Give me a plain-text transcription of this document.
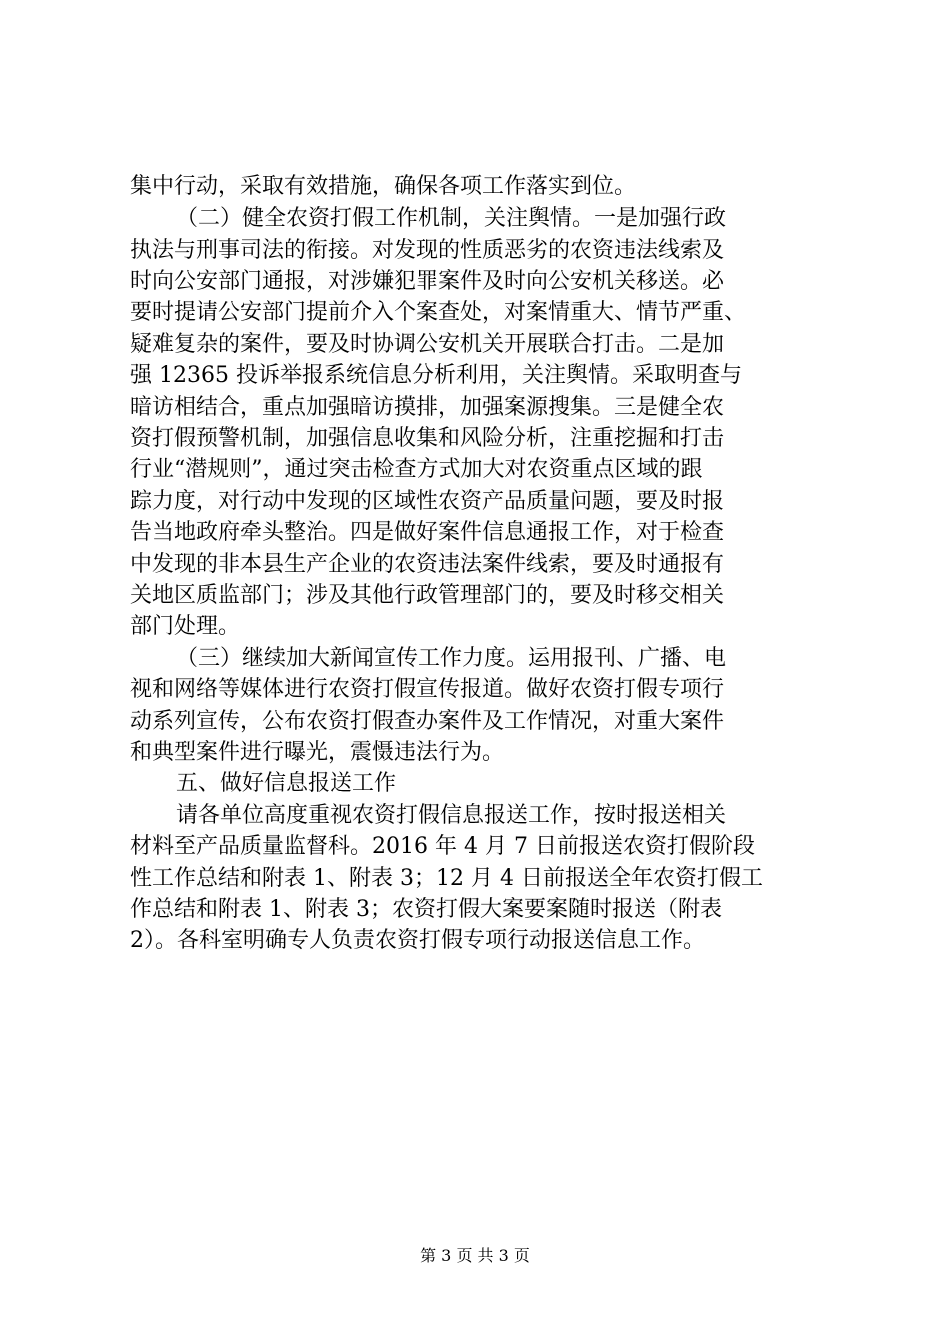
集中行动，采取有效措施，确保各项工作落实到位。
（二）健全农资打假工作机制，关注舆情。一是加强行政
执法与刑事司法的衔接。对发现的性质恶劣的农资违法线索及
时向公安部门通报，对涉嫌犯罪案件及时向公安机关移送。必
要时提请公安部门提前介入个案查处，对案情重大、情节严重、
疑难复杂的案件，要及时协调公安机关开展联合打击。二是加
强 12365 投诉举报系统信息分析利用，关注舆情。采取明查与
暗访相结合，重点加强暗访摸排，加强案源搜集。三是健全农
资打假预警机制，加强信息收集和风险分析，注重挖掘和打击
行业“潜规则”，通过突击检查方式加大对农资重点区域的跟
踪力度，对行动中发现的区域性农资产品质量问题，要及时报
告当地政府牵头整治。四是做好案件信息通报工作，对于检查
中发现的非本县生产企业的农资违法案件线索，要及时通报有
关地区质监部门；涉及其他行政管理部门的，要及时移交相关
部门处理。
（三）继续加大新闻宣传工作力度。运用报刊、广播、电
视和网络等媒体进行农资打假宣传报道。做好农资打假专项行
动系列宣传，公布农资打假查办案件及工作情况，对重大案件
和典型案件进行曝光，震慑违法行为。
五、做好信息报送工作
请各单位高度重视农资打假信息报送工作，按时报送相关
材料至产品质量监督科。2016 年 4 月 7 日前报送农资打假阶段
性工作总结和附表 1、附表 3；12 月 4 日前报送全年农资打假工
作总结和附表 1、附表 3；农资打假大案要案随时报送（附表
2）。各科室明确专人负责农资打假专项行动报送信息工作。
第 3 页 共 3 页
